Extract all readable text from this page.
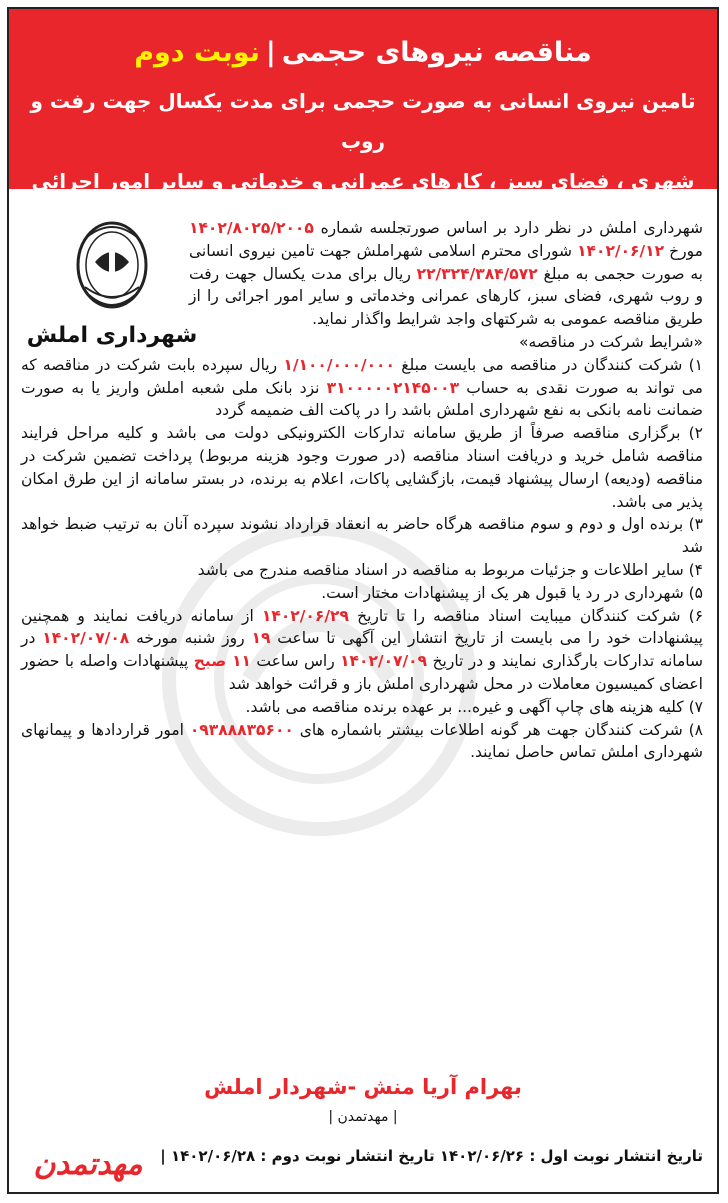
مناقصه نیروهای حجمی|نوبت دوم
تامین نیروی انسانی به صورت حجمی برای مدت یکسال جهت رفت و روب
شهری ، فضای سبز ، کارهای عمرانی و خدماتی و سایر امور اجرائی
شهرداری املش

شهرداری املش در نظر دارد بر اساس صورتجلسه شماره ۱۴۰۲/۸۰۲۵/۲۰۰۵ مورخ ۱۴۰۲/۰۶/۱۲ شورای محترم اسلامی شهراملش جهت تامین نیروی انسانی به صورت حجمی به مبلغ ۲۲/۳۲۴/۳۸۴/۵۷۲ ریال برای مدت یکسال جهت رفت و روب شهری، فضای سبز، کارهای عمرانی وخدماتی و سایر امور اجرائی را از طریق مناقصه عمومی به شرکتهای واجد شرایط واگذار نماید.

«شرایط شرکت در مناقصه»

۱) شرکت کنندگان در مناقصه می بایست مبلغ ۱/۱۰۰/۰۰۰/۰۰۰ ریال سپرده بابت شرکت در مناقصه که می تواند به صورت نقدی به حساب ۳۱۰۰۰۰۰۲۱۴۵۰۰۳ نزد بانک ملی شعبه املش واریز یا به صورت ضمانت نامه بانکی به نفع شهرداری املش باشد را در پاکت الف ضمیمه گردد

۲) برگزاری مناقصه صرفاً از طریق سامانه تدارکات الکترونیکی دولت می باشد و کلیه مراحل فرایند مناقصه شامل خرید و دریافت اسناد مناقصه (در صورت وجود هزینه مربوط) پرداخت تضمین شرکت در مناقصه (ودیعه) ارسال پیشنهاد قیمت، بازگشایی پاکات، اعلام به برنده، در بستر سامانه از این طرق امکان پذیر می باشد.

۳) برنده اول و دوم و سوم مناقصه هرگاه حاضر به انعقاد قرارداد نشوند سپرده آنان به ترتیب ضبط خواهد شد

۴) سایر اطلاعات و جزئیات مربوط به مناقصه در اسناد مناقصه مندرج می باشد

۵) شهرداری در رد یا قبول هر یک از پیشنهادات مختار است.

۶) شرکت کنندگان میبایت اسناد مناقصه را تا تاریخ ۱۴۰۲/۰۶/۲۹ از سامانه دریافت نمایند و همچنین پیشنهادات خود را می بایست از تاریخ انتشار این آگهی تا ساعت ۱۹ روز شنبه مورخه ۱۴۰۲/۰۷/۰۸ در سامانه تدارکات بارگذاری نمایند و در تاریخ ۱۴۰۲/۰۷/۰۹ راس ساعت ۱۱ صبح پیشنهادات واصله با حضور اعضای کمیسیون معاملات در محل شهرداری املش باز و قرائت خواهد شد

۷) کلیه هزینه های چاپ آگهی و غیره... بر عهده برنده مناقصه می باشد.

۸) شرکت کنندگان جهت هر گونه اطلاعات بیشتر باشماره های ۰۹۳۸۸۸۳۵۶۰۰ امور قراردادها و پیمانهای شهرداری املش تماس حاصل نمایند.

بهرام آریا منش -شهردار املش
| مهدتمدن |
تاریخ انتشار نوبت اول : ۱۴۰۲/۰۶/۲۶ تاریخ انتشار نوبت دوم : ۱۴۰۲/۰۶/۲۸ |
مهدتمدن
